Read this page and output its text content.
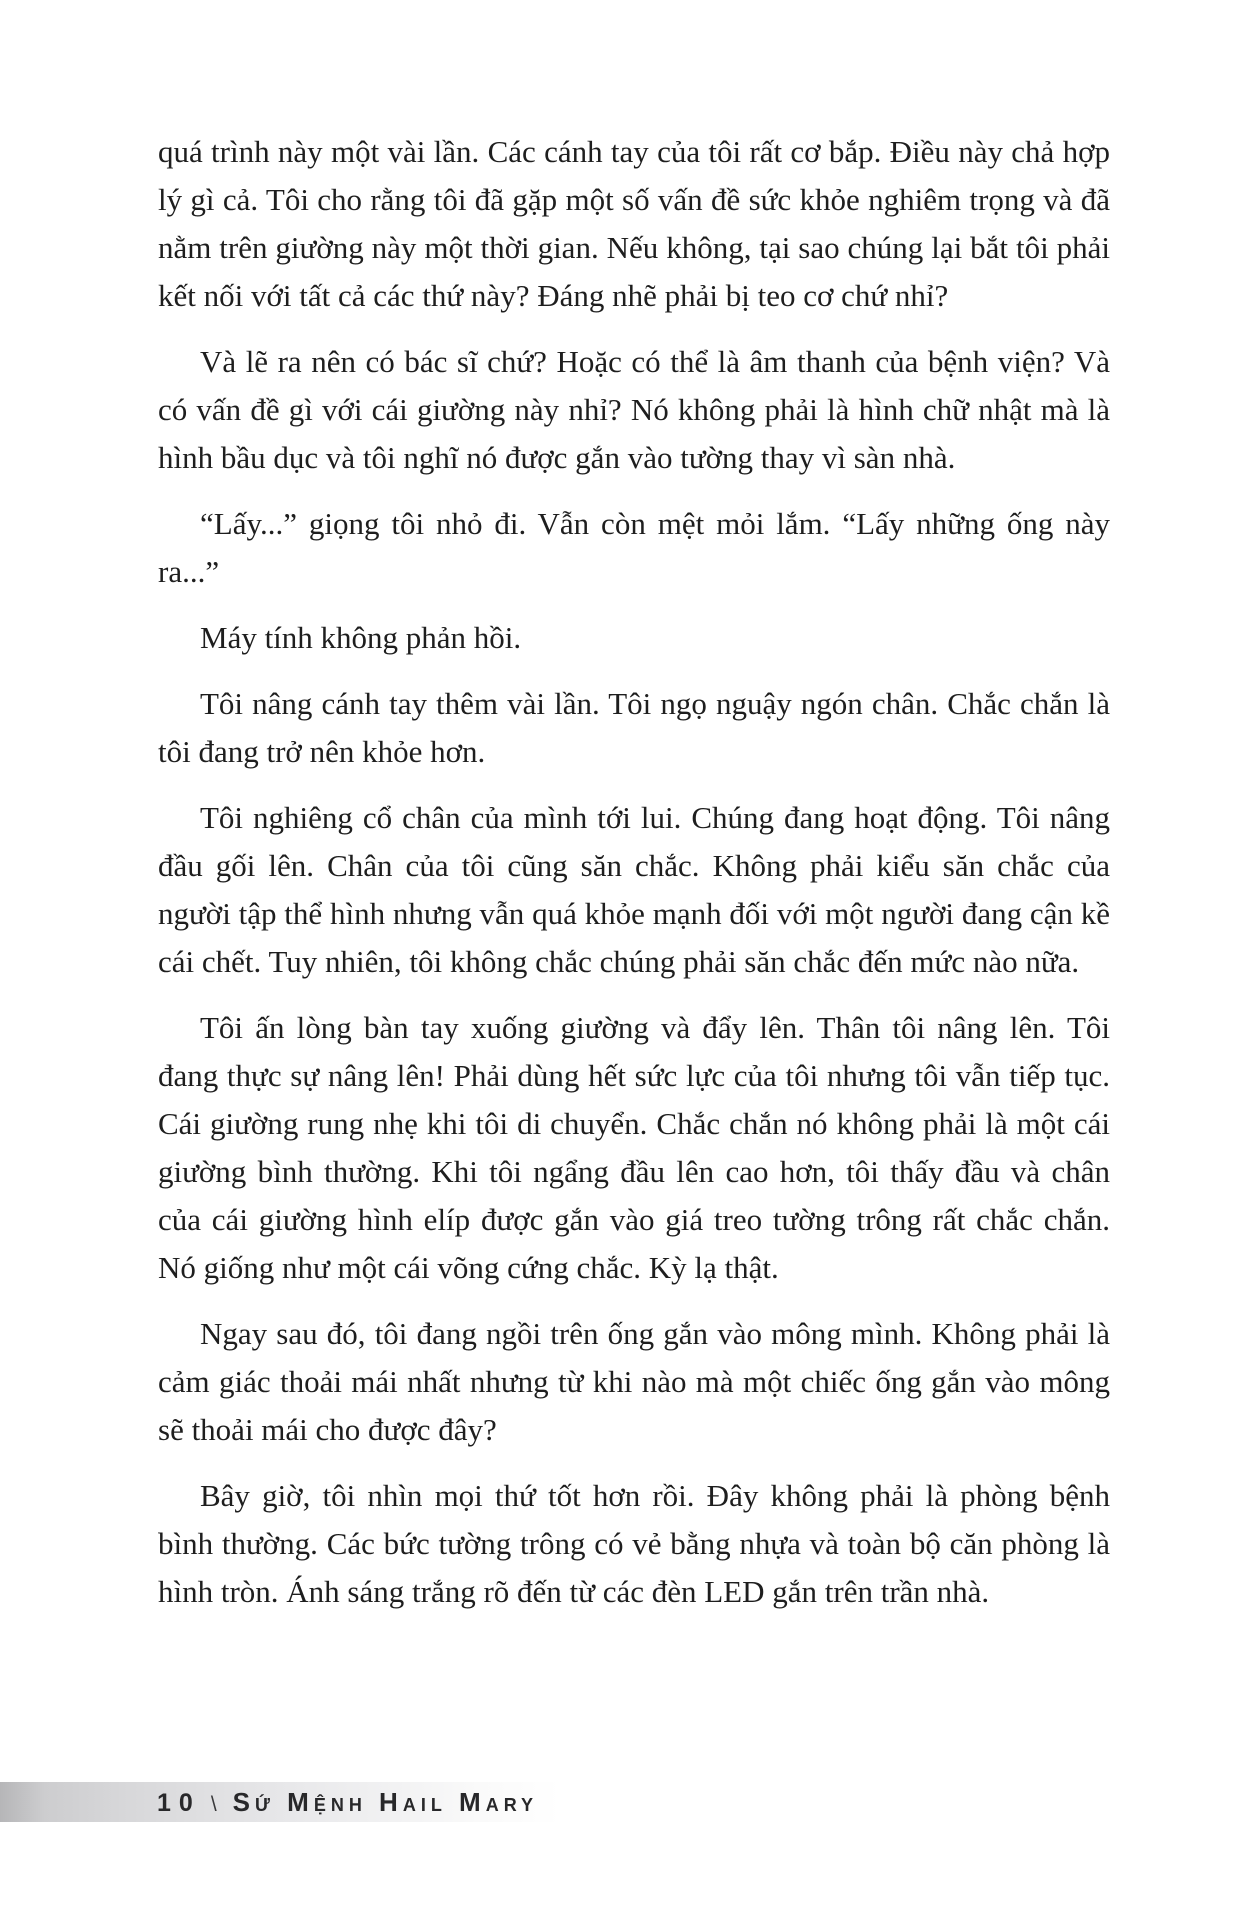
quá trình này một vài lần. Các cánh tay của tôi rất cơ bắp. Điều này chả hợp lý gì cả. Tôi cho rằng tôi đã gặp một số vấn đề sức khỏe nghiêm trọng và đã nằm trên giường này một thời gian. Nếu không, tại sao chúng lại bắt tôi phải kết nối với tất cả các thứ này? Đáng nhẽ phải bị teo cơ chứ nhỉ?

Và lẽ ra nên có bác sĩ chứ? Hoặc có thể là âm thanh của bệnh viện? Và có vấn đề gì với cái giường này nhỉ? Nó không phải là hình chữ nhật mà là hình bầu dục và tôi nghĩ nó được gắn vào tường thay vì sàn nhà.

“Lấy...” giọng tôi nhỏ đi. Vẫn còn mệt mỏi lắm. “Lấy những ống này ra...”

Máy tính không phản hồi.

Tôi nâng cánh tay thêm vài lần. Tôi ngọ nguậy ngón chân. Chắc chắn là tôi đang trở nên khỏe hơn.

Tôi nghiêng cổ chân của mình tới lui. Chúng đang hoạt động. Tôi nâng đầu gối lên. Chân của tôi cũng săn chắc. Không phải kiểu săn chắc của người tập thể hình nhưng vẫn quá khỏe mạnh đối với một người đang cận kề cái chết. Tuy nhiên, tôi không chắc chúng phải săn chắc đến mức nào nữa.

Tôi ấn lòng bàn tay xuống giường và đẩy lên. Thân tôi nâng lên. Tôi đang thực sự nâng lên! Phải dùng hết sức lực của tôi nhưng tôi vẫn tiếp tục. Cái giường rung nhẹ khi tôi di chuyển. Chắc chắn nó không phải là một cái giường bình thường. Khi tôi ngẩng đầu lên cao hơn, tôi thấy đầu và chân của cái giường hình elíp được gắn vào giá treo tường trông rất chắc chắn. Nó giống như một cái võng cứng chắc. Kỳ lạ thật.

Ngay sau đó, tôi đang ngồi trên ống gắn vào mông mình. Không phải là cảm giác thoải mái nhất nhưng từ khi nào mà một chiếc ống gắn vào mông sẽ thoải mái cho được đây?

Bây giờ, tôi nhìn mọi thứ tốt hơn rồi. Đây không phải là phòng bệnh bình thường. Các bức tường trông có vẻ bằng nhựa và toàn bộ căn phòng là hình tròn. Ánh sáng trắng rõ đến từ các đèn LED gắn trên trần nhà.

10 \ Sứ Mệnh Hail Mary
